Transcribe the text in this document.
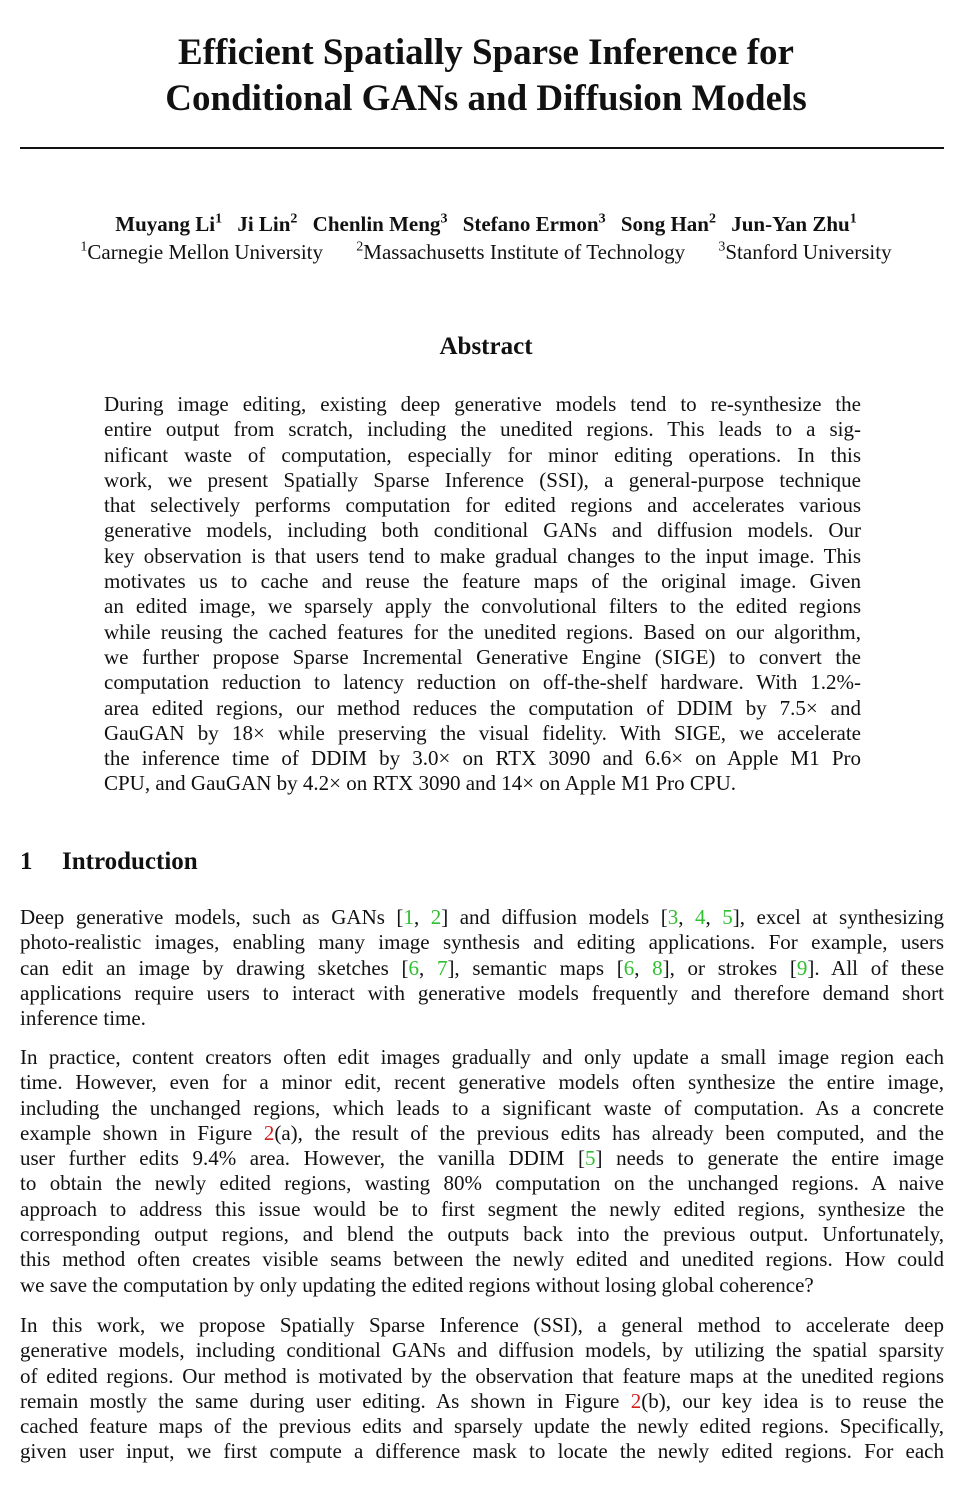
Efficient Spatially Sparse Inference for
Conditional GANs and Diffusion Models
Muyang Li$^1$ Ji Lin$^2$ Chenlin Meng$^3$ Stefano Ermon$^3$ Song Han$^2$ Jun-Yan Zhu$^1$
$^1$Carnegie Mellon University $^2$Massachusetts Institute of Technology $^3$Stanford University
Abstract
During image editing, existing deep generative models tend to re-synthesize the
entire output from scratch, including the unedited regions. This leads to a sig-
nificant waste of computation, especially for minor editing operations. In this
work, we present Spatially Sparse Inference (SSI), a general-purpose technique
that selectively performs computation for edited regions and accelerates various
generative models, including both conditional GANs and diffusion models. Our
key observation is that users tend to make gradual changes to the input image. This
motivates us to cache and reuse the feature maps of the original image. Given
an edited image, we sparsely apply the convolutional filters to the edited regions
while reusing the cached features for the unedited regions. Based on our algorithm,
we further propose Sparse Incremental Generative Engine (SIGE) to convert the
computation reduction to latency reduction on off-the-shelf hardware. With 1.2%-
area edited regions, our method reduces the computation of DDIM by 7.5× and
GauGAN by 18× while preserving the visual fidelity. With SIGE, we accelerate
the inference time of DDIM by 3.0× on RTX 3090 and 6.6× on Apple M1 Pro
CPU, and GauGAN by 4.2× on RTX 3090 and 14× on Apple M1 Pro CPU.
1 Introduction
Deep generative models, such as GANs [1, 2] and diffusion models [3, 4, 5], excel at synthesizing
photo-realistic images, enabling many image synthesis and editing applications. For example, users
can edit an image by drawing sketches [6, 7], semantic maps [6, 8], or strokes [9]. All of these
applications require users to interact with generative models frequently and therefore demand short
inference time.
In practice, content creators often edit images gradually and only update a small image region each
time. However, even for a minor edit, recent generative models often synthesize the entire image,
including the unchanged regions, which leads to a significant waste of computation. As a concrete
example shown in Figure 2(a), the result of the previous edits has already been computed, and the
user further edits 9.4% area. However, the vanilla DDIM [5] needs to generate the entire image
to obtain the newly edited regions, wasting 80% computation on the unchanged regions. A naive
approach to address this issue would be to first segment the newly edited regions, synthesize the
corresponding output regions, and blend the outputs back into the previous output. Unfortunately,
this method often creates visible seams between the newly edited and unedited regions. How could
we save the computation by only updating the edited regions without losing global coherence?
In this work, we propose Spatially Sparse Inference (SSI), a general method to accelerate deep
generative models, including conditional GANs and diffusion models, by utilizing the spatial sparsity
of edited regions. Our method is motivated by the observation that feature maps at the unedited regions
remain mostly the same during user editing. As shown in Figure 2(b), our key idea is to reuse the
cached feature maps of the previous edits and sparsely update the newly edited regions. Specifically,
given user input, we first compute a difference mask to locate the newly edited regions. For each
